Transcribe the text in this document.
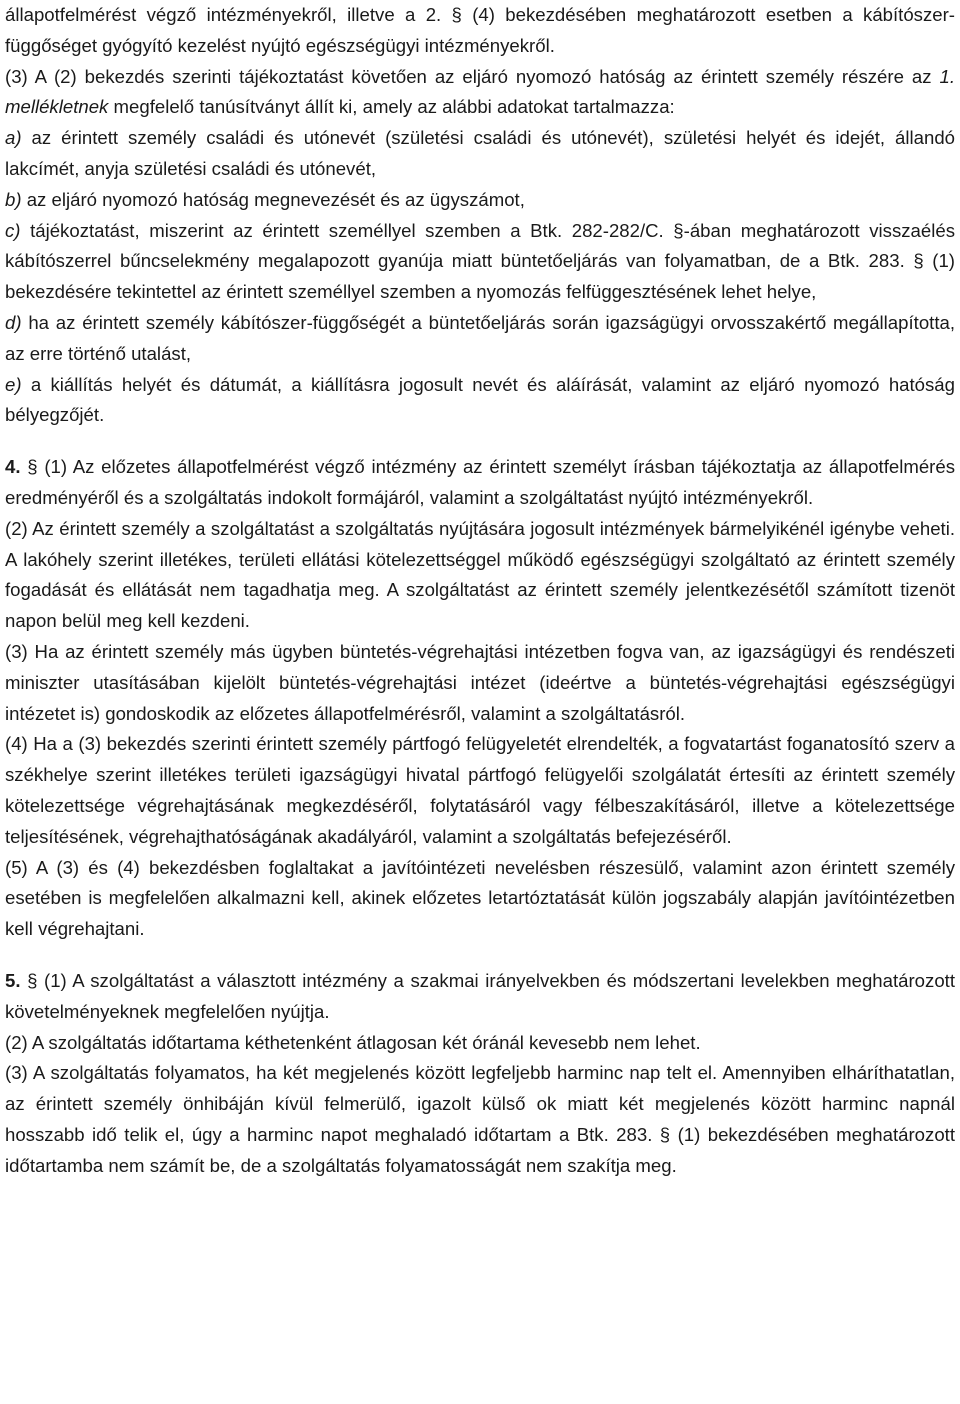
állapotfelmérést végző intézményekről, illetve a 2. § (4) bekezdésében meghatározott esetben a kábítószer-függőséget gyógyító kezelést nyújtó egészségügyi intézményekről.

(3) A (2) bekezdés szerinti tájékoztatást követően az eljáró nyomozó hatóság az érintett személy részére az 1. mellékletnek megfelelő tanúsítványt állít ki, amely az alábbi adatokat tartalmazza:

a) az érintett személy családi és utónevét (születési családi és utónevét), születési helyét és idejét, állandó lakcímét, anyja születési családi és utónevét,

b) az eljáró nyomozó hatóság megnevezését és az ügyszámot,

c) tájékoztatást, miszerint az érintett személlyel szemben a Btk. 282-282/C. §-ában meghatározott visszaélés kábítószerrel bűncselekmény megalapozott gyanúja miatt büntetőeljárás van folyamatban, de a Btk. 283. § (1) bekezdésére tekintettel az érintett személlyel szemben a nyomozás felfüggesztésének lehet helye,

d) ha az érintett személy kábítószer-függőségét a büntetőeljárás során igazságügyi orvosszakértő megállapította, az erre történő utalást,

e) a kiállítás helyét és dátumát, a kiállításra jogosult nevét és aláírását, valamint az eljáró nyomozó hatóság bélyegzőjét.

4. § (1) Az előzetes állapotfelmérést végző intézmény az érintett személyt írásban tájékoztatja az állapotfelmérés eredményéről és a szolgáltatás indokolt formájáról, valamint a szolgáltatást nyújtó intézményekről.

(2) Az érintett személy a szolgáltatást a szolgáltatás nyújtására jogosult intézmények bármelyikénél igénybe veheti. A lakóhely szerint illetékes, területi ellátási kötelezettséggel működő egészségügyi szolgáltató az érintett személy fogadását és ellátását nem tagadhatja meg. A szolgáltatást az érintett személy jelentkezésétől számított tizenöt napon belül meg kell kezdeni.

(3) Ha az érintett személy más ügyben büntetés-végrehajtási intézetben fogva van, az igazságügyi és rendészeti miniszter utasításában kijelölt büntetés-végrehajtási intézet (ideértve a büntetés-végrehajtási egészségügyi intézetet is) gondoskodik az előzetes állapotfelmérésről, valamint a szolgáltatásról.

(4) Ha a (3) bekezdés szerinti érintett személy pártfogó felügyeletét elrendelték, a fogvatartást foganatosító szerv a székhelye szerint illetékes területi igazságügyi hivatal pártfogó felügyelői szolgálatát értesíti az érintett személy kötelezettsége végrehajtásának megkezdéséről, folytatásáról vagy félbeszakításáról, illetve a kötelezettsége teljesítésének, végrehajthatóságának akadályáról, valamint a szolgáltatás befejezéséről.

(5) A (3) és (4) bekezdésben foglaltakat a javítóintézeti nevelésben részesülő, valamint azon érintett személy esetében is megfelelően alkalmazni kell, akinek előzetes letartóztatását külön jogszabály alapján javítóintézetben kell végrehajtani.

5. § (1) A szolgáltatást a választott intézmény a szakmai irányelvekben és módszertani levelekben meghatározott követelményeknek megfelelően nyújtja.

(2) A szolgáltatás időtartama kéthetenként átlagosan két óránál kevesebb nem lehet.

(3) A szolgáltatás folyamatos, ha két megjelenés között legfeljebb harminc nap telt el. Amennyiben elháríthatatlan, az érintett személy önhibáján kívül felmerülő, igazolt külső ok miatt két megjelenés között harminc napnál hosszabb idő telik el, úgy a harminc napot meghaladó időtartam a Btk. 283. § (1) bekezdésében meghatározott időtartamba nem számít be, de a szolgáltatás folyamatosságát nem szakítja meg.
